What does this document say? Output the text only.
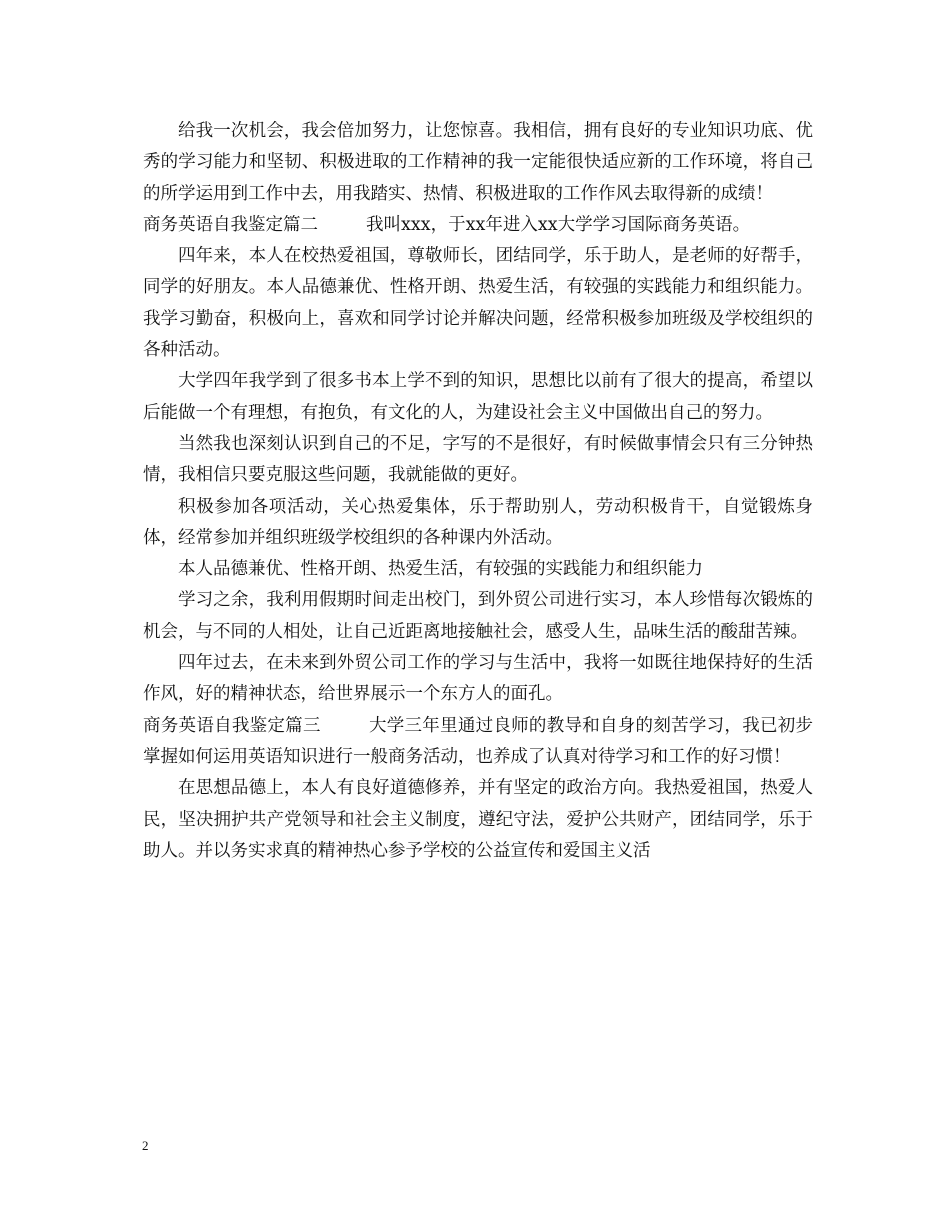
给我一次机会，我会倍加努力，让您惊喜。我相信，拥有良好的专业知识功底、优秀的学习能力和坚韧、积极进取的工作精神的我一定能很快适应新的工作环境，将自己的所学运用到工作中去，用我踏实、热情、积极进取的工作作风去取得新的成绩！

商务英语自我鉴定篇二	我叫xxx，于xx年进入xx大学学习国际商务英语。

四年来，本人在校热爱祖国，尊敬师长，团结同学，乐于助人，是老师的好帮手，同学的好朋友。本人品德兼优、性格开朗、热爱生活，有较强的实践能力和组织能力。我学习勤奋，积极向上，喜欢和同学讨论并解决问题，经常积极参加班级及学校组织的各种活动。

大学四年我学到了很多书本上学不到的知识，思想比以前有了很大的提高，希望以后能做一个有理想，有抱负，有文化的人，为建设社会主义中国做出自己的努力。

当然我也深刻认识到自己的不足，字写的不是很好，有时候做事情会只有三分钟热情，我相信只要克服这些问题，我就能做的更好。

积极参加各项活动，关心热爱集体，乐于帮助别人，劳动积极肯干，自觉锻炼身体，经常参加并组织班级学校组织的各种课内外活动。

本人品德兼优、性格开朗、热爱生活，有较强的实践能力和组织能力

学习之余，我利用假期时间走出校门，到外贸公司进行实习，本人珍惜每次锻炼的机会，与不同的人相处，让自己近距离地接触社会，感受人生，品味生活的酸甜苦辣。

四年过去，在未来到外贸公司工作的学习与生活中，我将一如既往地保持好的生活作风，好的精神状态，给世界展示一个东方人的面孔。

商务英语自我鉴定篇三	大学三年里通过良师的教导和自身的刻苦学习，我已初步掌握如何运用英语知识进行一般商务活动，也养成了认真对待学习和工作的好习惯！

在思想品德上，本人有良好道德修养，并有坚定的政治方向。我热爱祖国，热爱人民，坚决拥护共产党领导和社会主义制度，遵纪守法，爱护公共财产，团结同学，乐于助人。并以务实求真的精神热心参予学校的公益宣传和爱国主义活

2
